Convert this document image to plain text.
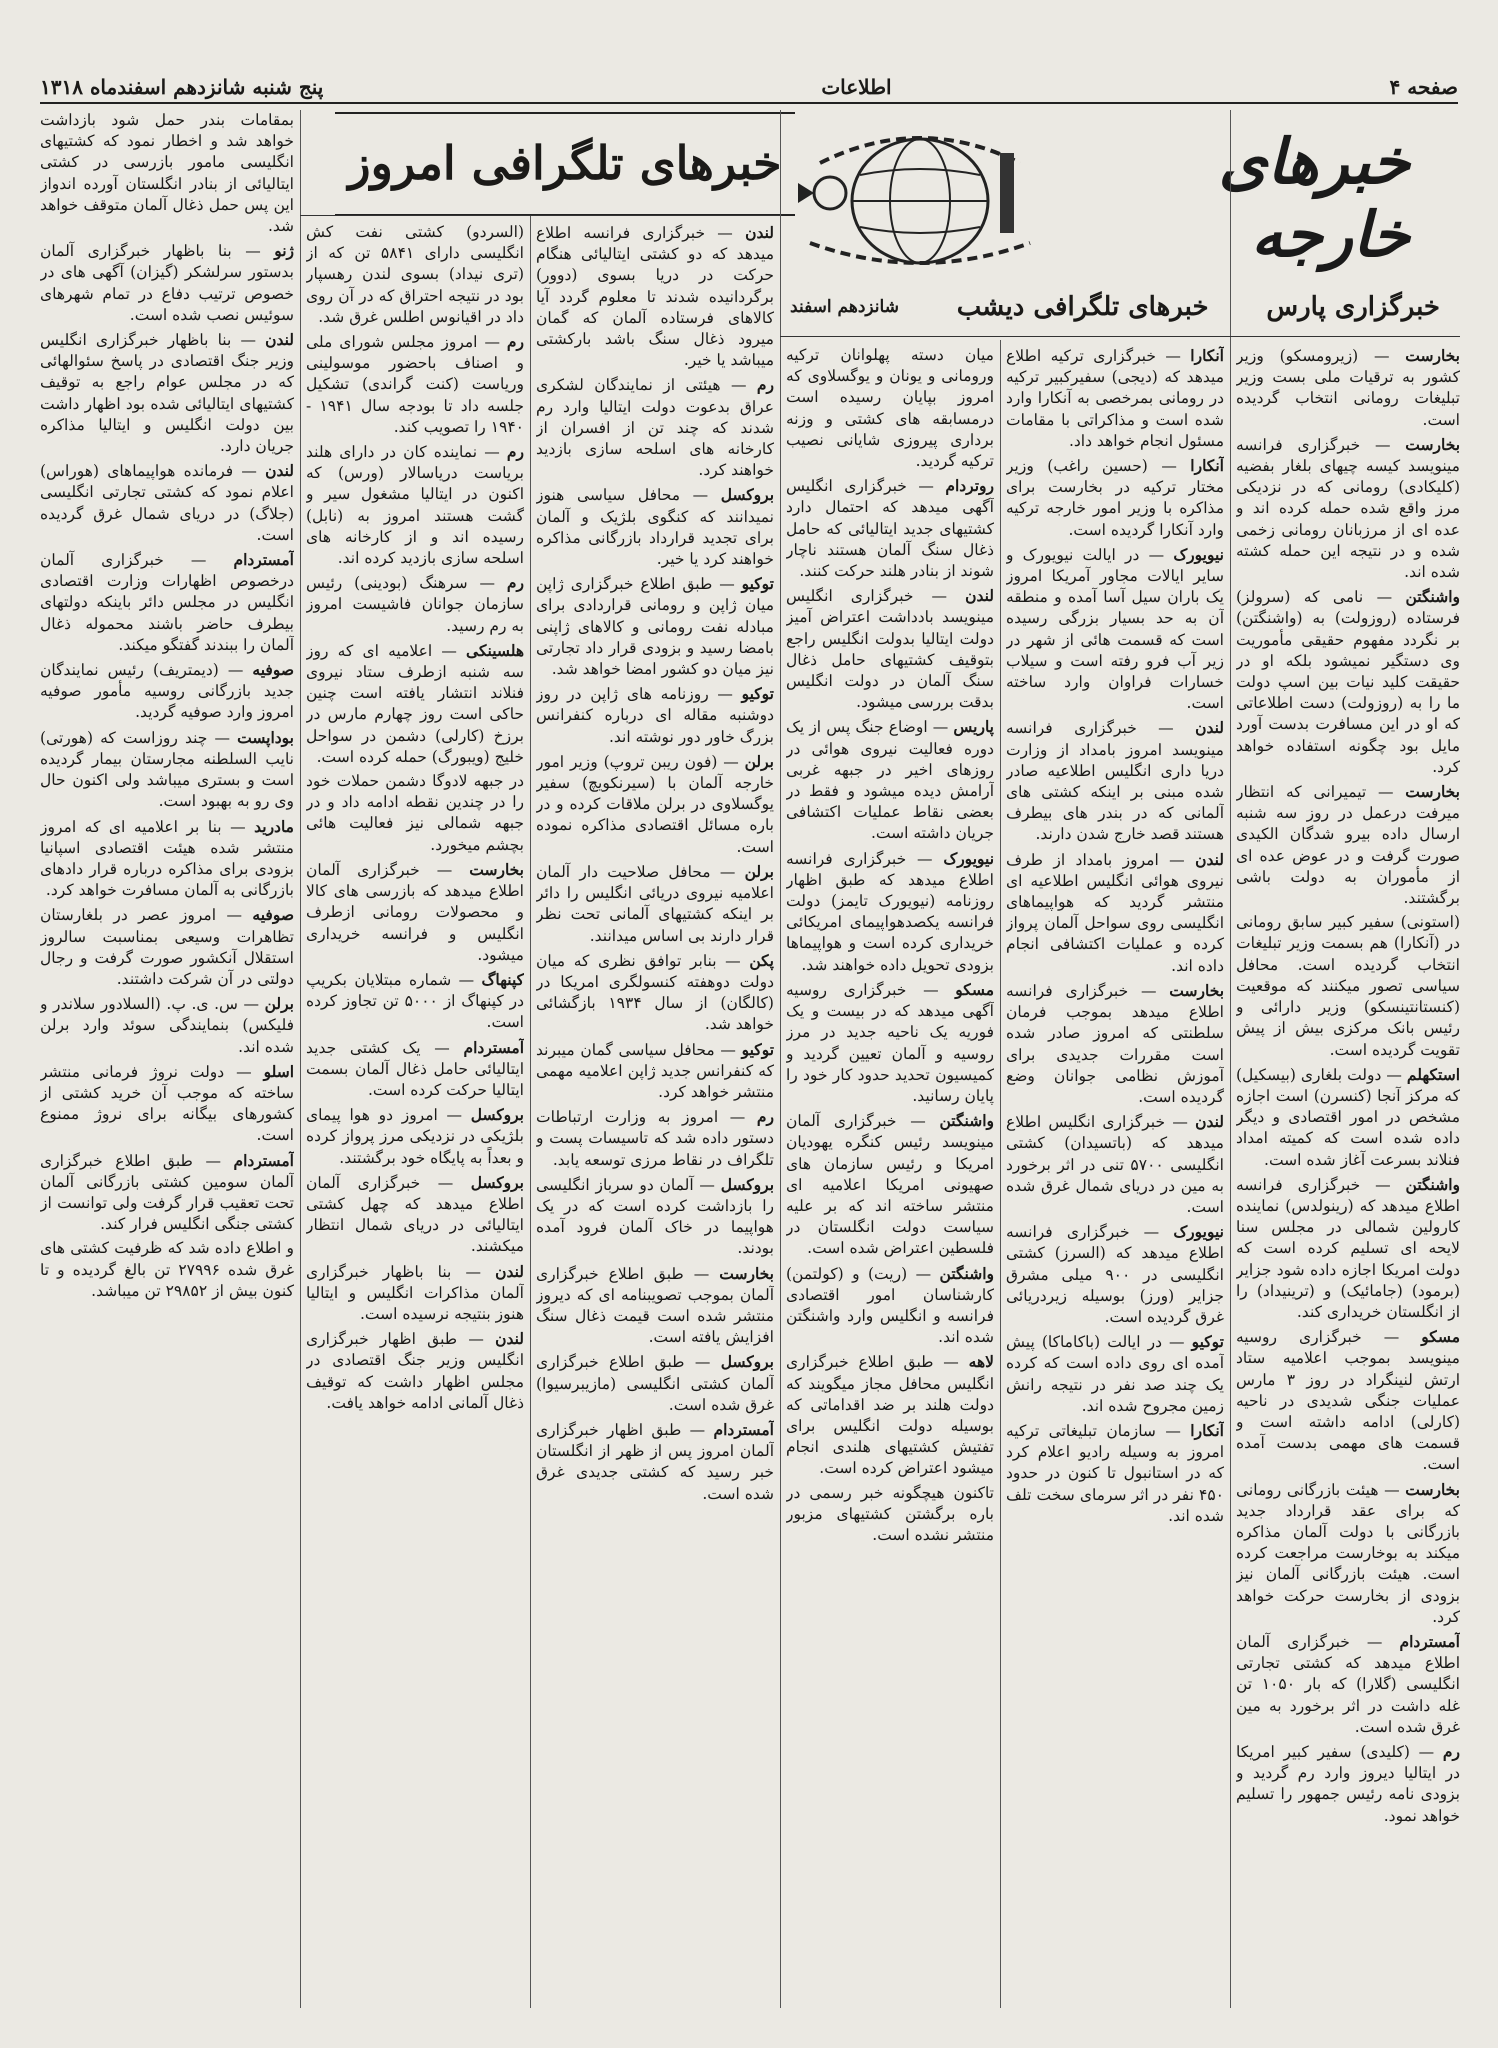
صفحه ۴
اطلاعات
پنج شنبه شانزدهم اسفندماه ۱۳۱۸
خبرهای خارجه
خبرگزاری پارس
خبرهای تلگرافی دیشب
شانزدهم اسفند
خبرهای تلگرافی امروز

بخارست — (زیرومسکو) وزیر کشور به ترقیات ملی بست وزیر تبلیغات رومانی انتخاب گردیده است.

بخارست — خبرگزاری فرانسه مینویسد کیسه چیهای بلغار بفضیه (کلیکادی) رومانی که در نزدیکی مرز واقع شده حمله کرده اند و عده ای از مرزبانان رومانی زخمی شده و در نتیجه این حمله کشته شده اند.

واشنگتن — نامی که (سرولز) فرستاده (روزولت) به (واشنگتن) بر نگردد مفهوم حقیقی مأموریت وی دستگیر نمیشود بلکه او در حقیقت کلید نیات بین اسپ دولت ما را به (روزولت) دست اطلاعاتی که او در این مسافرت بدست آورد مایل بود چگونه استفاده خواهد کرد.

بخارست — تیمیرانی که انتظار میرفت درعمل در روز سه شنبه ارسال داده بیرو شدگان الکیدی صورت گرفت و در عوض عده ای از مأموران به دولت باشی برگشتند.

(استونی) سفیر کبیر سابق رومانی در (آنکارا) هم بسمت وزیر تبلیغات انتخاب گردیده است. محافل سیاسی تصور میکنند که موقعیت (کنستانتینسکو) وزیر دارائی و رئیس بانک مرکزی بیش از پیش تقویت گردیده است.

استکهلم — دولت بلغاری (بیسکیل) که مرکز آنجا (کنسرن) است اجازه مشخص در امور اقتصادی و دیگر داده شده است که کمیته امداد فنلاند بسرعت آغاز شده است.

واشنگتن — خبرگزاری فرانسه اطلاع میدهد که (رینولدس) نماینده کارولین شمالی در مجلس سنا لایحه ای تسلیم کرده است که دولت امریکا اجازه داده شود جزایر (برمود) (جامائیک) و (ترینیداد) را از انگلستان خریداری کند.

مسکو — خبرگزاری روسیه مینویسد بموجب اعلامیه ستاد ارتش لنینگراد در روز ۳ مارس عملیات جنگی شدیدی در ناحیه (کارلی) ادامه داشته است و قسمت های مهمی بدست آمده است.

بخارست — هیئت بازرگانی رومانی که برای عقد قرارداد جدید بازرگانی با دولت آلمان مذاکره میکند به بوخارست مراجعت کرده است. هیئت بازرگانی آلمان نیز بزودی از بخارست حرکت خواهد کرد.

آمستردام — خبرگزاری آلمان اطلاع میدهد که کشتی تجارتی انگلیسی (گلارا) که بار ۱۰۵۰ تن غله داشت در اثر برخورد به مین غرق شده است.

رم — (کلیدی) سفیر کبیر امریکا در ایتالیا دیروز وارد رم گردید و بزودی نامه رئیس جمهور را تسلیم خواهد نمود.

آنکارا — خبرگزاری ترکیه اطلاع میدهد که (دیجی) سفیرکبیر ترکیه در رومانی بمرخصی به آنکارا وارد شده است و مذاکراتی با مقامات مسئول انجام خواهد داد.

آنکارا — (حسین راغب) وزیر مختار ترکیه در بخارست برای مذاکره با وزیر امور خارجه ترکیه وارد آنکارا گردیده است.

نیویورک — در ایالت نیویورک و سایر ایالات مجاور آمریکا امروز یک باران سیل آسا آمده و منطقه آن به حد بسیار بزرگی رسیده است که قسمت هائی از شهر در زیر آب فرو رفته است و سیلاب خسارات فراوان وارد ساخته است.

لندن — خبرگزاری فرانسه مینویسد امروز بامداد از وزارت دریا داری انگلیس اطلاعیه صادر شده مبنی بر اینکه کشتی های آلمانی که در بندر های بیطرف هستند قصد خارج شدن دارند.

لندن — امروز بامداد از طرف نیروی هوائی انگلیس اطلاعیه ای منتشر گردید که هواپیماهای انگلیسی روی سواحل آلمان پرواز کرده و عملیات اکتشافی انجام داده اند.

بخارست — خبرگزاری فرانسه اطلاع میدهد بموجب فرمان سلطنتی که امروز صادر شده است مقررات جدیدی برای آموزش نظامی جوانان وضع گردیده است.

لندن — خبرگزاری انگلیس اطلاع میدهد که (باتسیدان) کشتی انگلیسی ۵۷۰۰ تنی در اثر برخورد به مین در دریای شمال غرق شده است.

نیویورک — خبرگزاری فرانسه اطلاع میدهد که (السرز) کشتی انگلیسی در ۹۰۰ میلی مشرق جزایر (ورز) بوسیله زیردریائی غرق گردیده است.

توکیو — در ایالت (باکاماکا) پیش آمده ای روی داده است که کرده یک چند صد نفر در نتیجه رانش زمین مجروح شده اند.

آنکارا — سازمان تبلیغاتی ترکیه امروز به وسیله رادیو اعلام کرد که در استانبول تا کنون در حدود ۴۵۰ نفر در اثر سرمای سخت تلف شده اند.

میان دسته پهلوانان ترکیه ورومانی و یونان و یوگسلاوی که امروز بپایان رسیده است درمسابقه های کشتی و وزنه برداری پیروزی شایانی نصیب ترکیه گردید.

روتردام — خبرگزاری انگلیس آگهی میدهد که احتمال دارد کشتیهای جدید ایتالیائی که حامل ذغال سنگ آلمان هستند ناچار شوند از بنادر هلند حرکت کنند.

لندن — خبرگزاری انگلیس مینویسد بادداشت اعتراض آمیز دولت ایتالیا بدولت انگلیس راجع بتوقیف کشتیهای حامل ذغال سنگ آلمان در دولت انگلیس بدقت بررسی میشود.

پاریس — اوضاع جنگ پس از یک دوره فعالیت نیروی هوائی در روزهای اخیر در جبهه غربی آرامش دیده میشود و فقط در بعضی نقاط عملیات اکتشافی جریان داشته است.

نیویورک — خبرگزاری فرانسه اطلاع میدهد که طبق اظهار روزنامه (نیویورک تایمز) دولت فرانسه یکصدهواپیمای امریکائی خریداری کرده است و هواپیماها بزودی تحویل داده خواهند شد.

مسکو — خبرگزاری روسیه آگهی میدهد که در بیست و یک فوریه یک ناحیه جدید در مرز روسیه و آلمان تعیین گردید و کمیسیون تحدید حدود کار خود را پایان رسانید.

واشنگتن — خبرگزاری آلمان مینویسد رئیس کنگره یهودیان امریکا و رئیس سازمان های صهیونی امریکا اعلامیه ای منتشر ساخته اند که بر علیه سیاست دولت انگلستان در فلسطین اعتراض شده است.

واشنگتن — (ریت) و (کولتمن) کارشناسان امور اقتصادی فرانسه و انگلیس وارد واشنگتن شده اند.

لاهه — طبق اطلاع خبرگزاری انگلیس محافل مجاز میگویند که دولت هلند بر ضد اقداماتی که بوسیله دولت انگلیس برای تفتیش کشتیهای هلندی انجام میشود اعتراض کرده است.

تاکنون هیچگونه خبر رسمی در باره برگشتن کشتیهای مزبور منتشر نشده است.

لندن — خبرگزاری فرانسه اطلاع میدهد که دو کشتی ایتالیائی هنگام حرکت در دریا بسوی (دوور) برگردانیده شدند تا معلوم گردد آیا کالاهای فرستاده آلمان که گمان میرود ذغال سنگ باشد بارکشتی میباشد یا خیر.

رم — هیئتی از نمایندگان لشکری عراق بدعوت دولت ایتالیا وارد رم شدند که چند تن از افسران از کارخانه های اسلحه سازی بازدید خواهند کرد.

بروکسل — محافل سیاسی هنوز نمیدانند که کنگوی بلژیک و آلمان برای تجدید قرارداد بازرگانی مذاکره خواهند کرد یا خیر.

توکیو — طبق اطلاع خبرگزاری ژاپن میان ژاپن و رومانی قراردادی برای مبادله نفت رومانی و کالاهای ژاپنی بامضا رسید و بزودی قرار داد تجارتی نیز میان دو کشور امضا خواهد شد.

توکیو — روزنامه های ژاپن در روز دوشنبه مقاله ای درباره کنفرانس بزرگ خاور دور نوشته اند.

برلن — (فون ریبن تروپ) وزیر امور خارجه آلمان با (سیرنکویچ) سفیر یوگسلاوی در برلن ملاقات کرده و در باره مسائل اقتصادی مذاکره نموده است.

برلن — محافل صلاحیت دار آلمان اعلامیه نیروی دریائی انگلیس را دائر بر اینکه کشتیهای آلمانی تحت نظر قرار دارند بی اساس میدانند.

پکن — بنابر توافق نظری که میان دولت دوهفته کنسولگری امریکا در (کالگان) از سال ۱۹۳۴ بازگشائی خواهد شد.

توکیو — محافل سیاسی گمان میبرند که کنفرانس جدید ژاپن اعلامیه مهمی منتشر خواهد کرد.

رم — امروز به وزارت ارتباطات دستور داده شد که تاسیسات پست و تلگراف در نقاط مرزی توسعه یابد.

بروکسل — آلمان دو سرباز انگلیسی را بازداشت کرده است که در یک هواپیما در خاک آلمان فرود آمده بودند.

بخارست — طبق اطلاع خبرگزاری آلمان بموجب تصویبنامه ای که دیروز منتشر شده است قیمت ذغال سنگ افزایش یافته است.

بروکسل — طبق اطلاع خبرگزاری آلمان کشتی انگلیسی (مازیبرسیوا) غرق شده است.

آمستردام — طبق اظهار خبرگزاری آلمان امروز پس از ظهر از انگلستان خبر رسید که کشتی جدیدی غرق شده است.

(السردو) کشتی نفت کش انگلیسی دارای ۵۸۴۱ تن که از (تری نیداد) بسوی لندن رهسپار بود در نتیجه احتراق که در آن روی داد در اقیانوس اطلس غرق شد.

رم — امروز مجلس شورای ملی و اصناف باحضور موسولینی وریاست (کنت گراندی) تشکیل جلسه داد تا بودجه سال ۱۹۴۱ - ۱۹۴۰ را تصویب کند.

رم — نماینده کان در دارای هلند بریاست دریاسالار (ورس) که اکنون در ایتالیا مشغول سیر و گشت هستند امروز به (نابل) رسیده اند و از کارخانه های اسلحه سازی بازدید کرده اند.

رم — سرهنگ (بودینی) رئیس سازمان جوانان فاشیست امروز به رم رسید.

هلسینکی — اعلامیه ای که روز سه شنبه ازطرف ستاد نیروی فنلاند انتشار یافته است چنین حاکی است روز چهارم مارس در برزخ (کارلی) دشمن در سواحل خلیج (ویبورگ) حمله کرده است.

در جبهه لادوگا دشمن حملات خود را در چندین نقطه ادامه داد و در جبهه شمالی نیز فعالیت هائی بچشم میخورد.

بخارست — خبرگزاری آلمان اطلاع میدهد که بازرسی های کالا و محصولات رومانی ازطرف انگلیس و فرانسه خریداری میشود.

کپنهاگ — شماره مبتلایان بکریپ در کپنهاگ از ۵۰۰۰ تن تجاوز کرده است.

آمستردام — یک کشتی جدید ایتالیائی حامل ذغال آلمان بسمت ایتالیا حرکت کرده است.

بروکسل — امروز دو هوا پیمای بلژیکی در نزدیکی مرز پرواز کرده و بعداً به پایگاه خود برگشتند.

بروکسل — خبرگزاری آلمان اطلاع میدهد که چهل کشتی ایتالیائی در دریای شمال انتظار میکشند.

لندن — بنا باظهار خبرگزاری آلمان مذاکرات انگلیس و ایتالیا هنوز بنتیجه نرسیده است.

لندن — طبق اظهار خبرگزاری انگلیس وزیر جنگ اقتصادی در مجلس اظهار داشت که توقیف ذغال آلمانی ادامه خواهد یافت.

بمقامات بندر حمل شود بازداشت خواهد شد و اخطار نمود که کشتیهای انگلیسی مامور بازرسی در کشتی ایتالیائی از بنادر انگلستان آورده اندواز این پس حمل ذغال آلمان متوقف خواهد شد.

ژنو — بنا باظهار خبرگزاری آلمان بدستور سرلشکر (گیزان) آگهی های در خصوص ترتیب دفاع در تمام شهرهای سوئیس نصب شده است.

لندن — بنا باظهار خبرگزاری انگلیس وزیر جنگ اقتصادی در پاسخ سئوالهائی که در مجلس عوام راجع به توقیف کشتیهای ایتالیائی شده بود اظهار داشت بین دولت انگلیس و ایتالیا مذاکره جریان دارد.

لندن — فرمانده هواپیماهای (هوراس) اعلام نمود که کشتی تجارتی انگلیسی (جلاگ) در دریای شمال غرق گردیده است.

آمستردام — خبرگزاری آلمان درخصوص اظهارات وزارت اقتصادی انگلیس در مجلس دائر باینکه دولتهای بیطرف حاضر باشند محموله ذغال آلمان را ببندند گفتگو میکند.

صوفیه — (دیمتریف) رئیس نمایندگان جدید بازرگانی روسیه مأمور صوفیه امروز وارد صوفیه گردید.

بوداپست — چند روزاست که (هورتی) نایب السلطنه مجارستان بیمار گردیده است و بستری میباشد ولی اکنون حال وی رو به بهبود است.

مادرید — بنا بر اعلامیه ای که امروز منتشر شده هیئت اقتصادی اسپانیا بزودی برای مذاکره درباره قرار دادهای بازرگانی به آلمان مسافرت خواهد کرد.

صوفیه — امروز عصر در بلغارستان تظاهرات وسیعی بمناسبت سالروز استقلال آنکشور صورت گرفت و رجال دولتی در آن شرکت داشتند.

برلن — س. ی. پ. (السلادور سلاندر و فلیکس) بنمایندگی سوئد وارد برلن شده اند.

اسلو — دولت نروژ فرمانی منتشر ساخته که موجب آن خرید کشتی از کشورهای بیگانه برای نروژ ممنوع است.

آمستردام — طبق اطلاع خبرگزاری آلمان سومین کشتی بازرگانی آلمان تحت تعقیب قرار گرفت ولی توانست از کشتی جنگی انگلیس فرار کند.

و اطلاع داده شد که ظرفیت کشتی های غرق شده ۲۷۹۹۶ تن بالغ گردیده و تا کنون بیش از ۲۹۸۵۲ تن میباشد.
